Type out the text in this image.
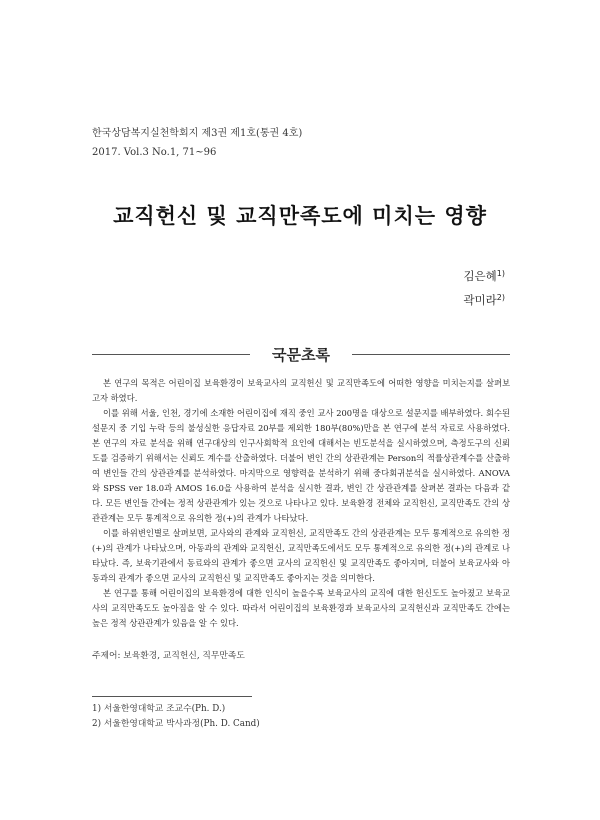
한국상담복지실천학회지 제3권 제1호(통권 4호)
2017. Vol.3 No.1, 71~96
교직헌신 및 교직만족도에 미치는 영향
김은혜$^{1)}$
곽미라$^{2)}$
국문초록

본 연구의 목적은 어린이집 보육환경이 보육교사의 교직헌신 및 교직만족도에 어떠한 영향을 미치는지를 살펴보고자 하였다.

이를 위해 서울, 인천, 경기에 소재한 어린이집에 재직 중인 교사 200명을 대상으로 설문지를 배부하였다. 회수된 설문지 중 기입 누락 등의 불성실한 응답자료 20부를 제외한 180부(80%)만을 본 연구에 분석 자료로 사용하였다. 본 연구의 자료 분석을 위해 연구대상의 인구사회학적 요인에 대해서는 빈도분석을 실시하였으며, 측정도구의 신뢰도를 검증하기 위해서는 신뢰도 계수를 산출하였다. 더불어 변인 간의 상관관계는 Person의 적률상관계수를 산출하여 변인들 간의 상관관계를 분석하였다. 마지막으로 영향력을 분석하기 위해 중다회귀분석을 실시하였다. ANOVA와 SPSS ver 18.0과 AMOS 16.0을 사용하여 분석을 실시한 결과, 변인 간 상관관계를 살펴본 결과는 다음과 같다. 모든 변인들 간에는 정적 상관관계가 있는 것으로 나타나고 있다. 보육환경 전체와 교직헌신, 교직만족도 간의 상관관계는 모두 통계적으로 유의한 정(+)의 관계가 나타났다.

이를 하위변인별로 살펴보면, 교사와의 관계와 교직헌신, 교직만족도 간의 상관관계는 모두 통계적으로 유의한 정(+)의 관계가 나타났으며, 아동과의 관계와 교직헌신, 교직만족도에서도 모두 통계적으로 유의한 정(+)의 관계로 나타났다. 즉, 보육기관에서 동료와의 관계가 좋으면 교사의 교직헌신 및 교직만족도 좋아지며, 더불어 보육교사와 아동과의 관계가 좋으면 교사의 교직헌신 및 교직만족도 좋아지는 것을 의미한다.

본 연구를 통해 어린이집의 보육환경에 대한 인식이 높을수록 보육교사의 교직에 대한 헌신도도 높아졌고 보육교사의 교직만족도도 높아짐을 알 수 있다. 따라서 어린이집의 보육환경과 보육교사의 교직헌신과 교직만족도 간에는 높은 정적 상관관계가 있음을 알 수 있다.

주제어: 보육환경, 교직헌신, 직무만족도
1) 서울한영대학교 조교수(Ph. D.)
2) 서울한영대학교 박사과정(Ph. D. Cand)
